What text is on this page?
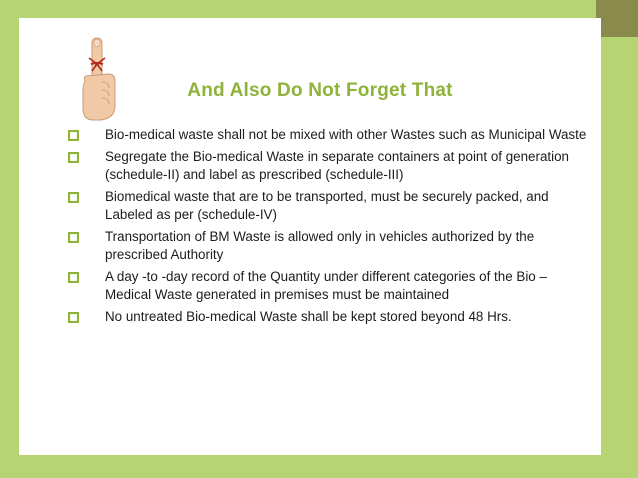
And Also Do Not Forget That
Bio-medical waste shall not be mixed with other Wastes such as Municipal Waste
Segregate the Bio-medical Waste in separate containers at point of generation (schedule-II) and label as prescribed (schedule-III)
Biomedical waste that are to be transported, must be securely packed, and Labeled as per (schedule-IV)
Transportation of BM Waste is allowed only in vehicles authorized by the prescribed Authority
A day -to -day record of the Quantity under different categories of the Bio – Medical Waste generated in premises must be maintained
No untreated Bio-medical Waste shall be kept stored beyond 48 Hrs.
